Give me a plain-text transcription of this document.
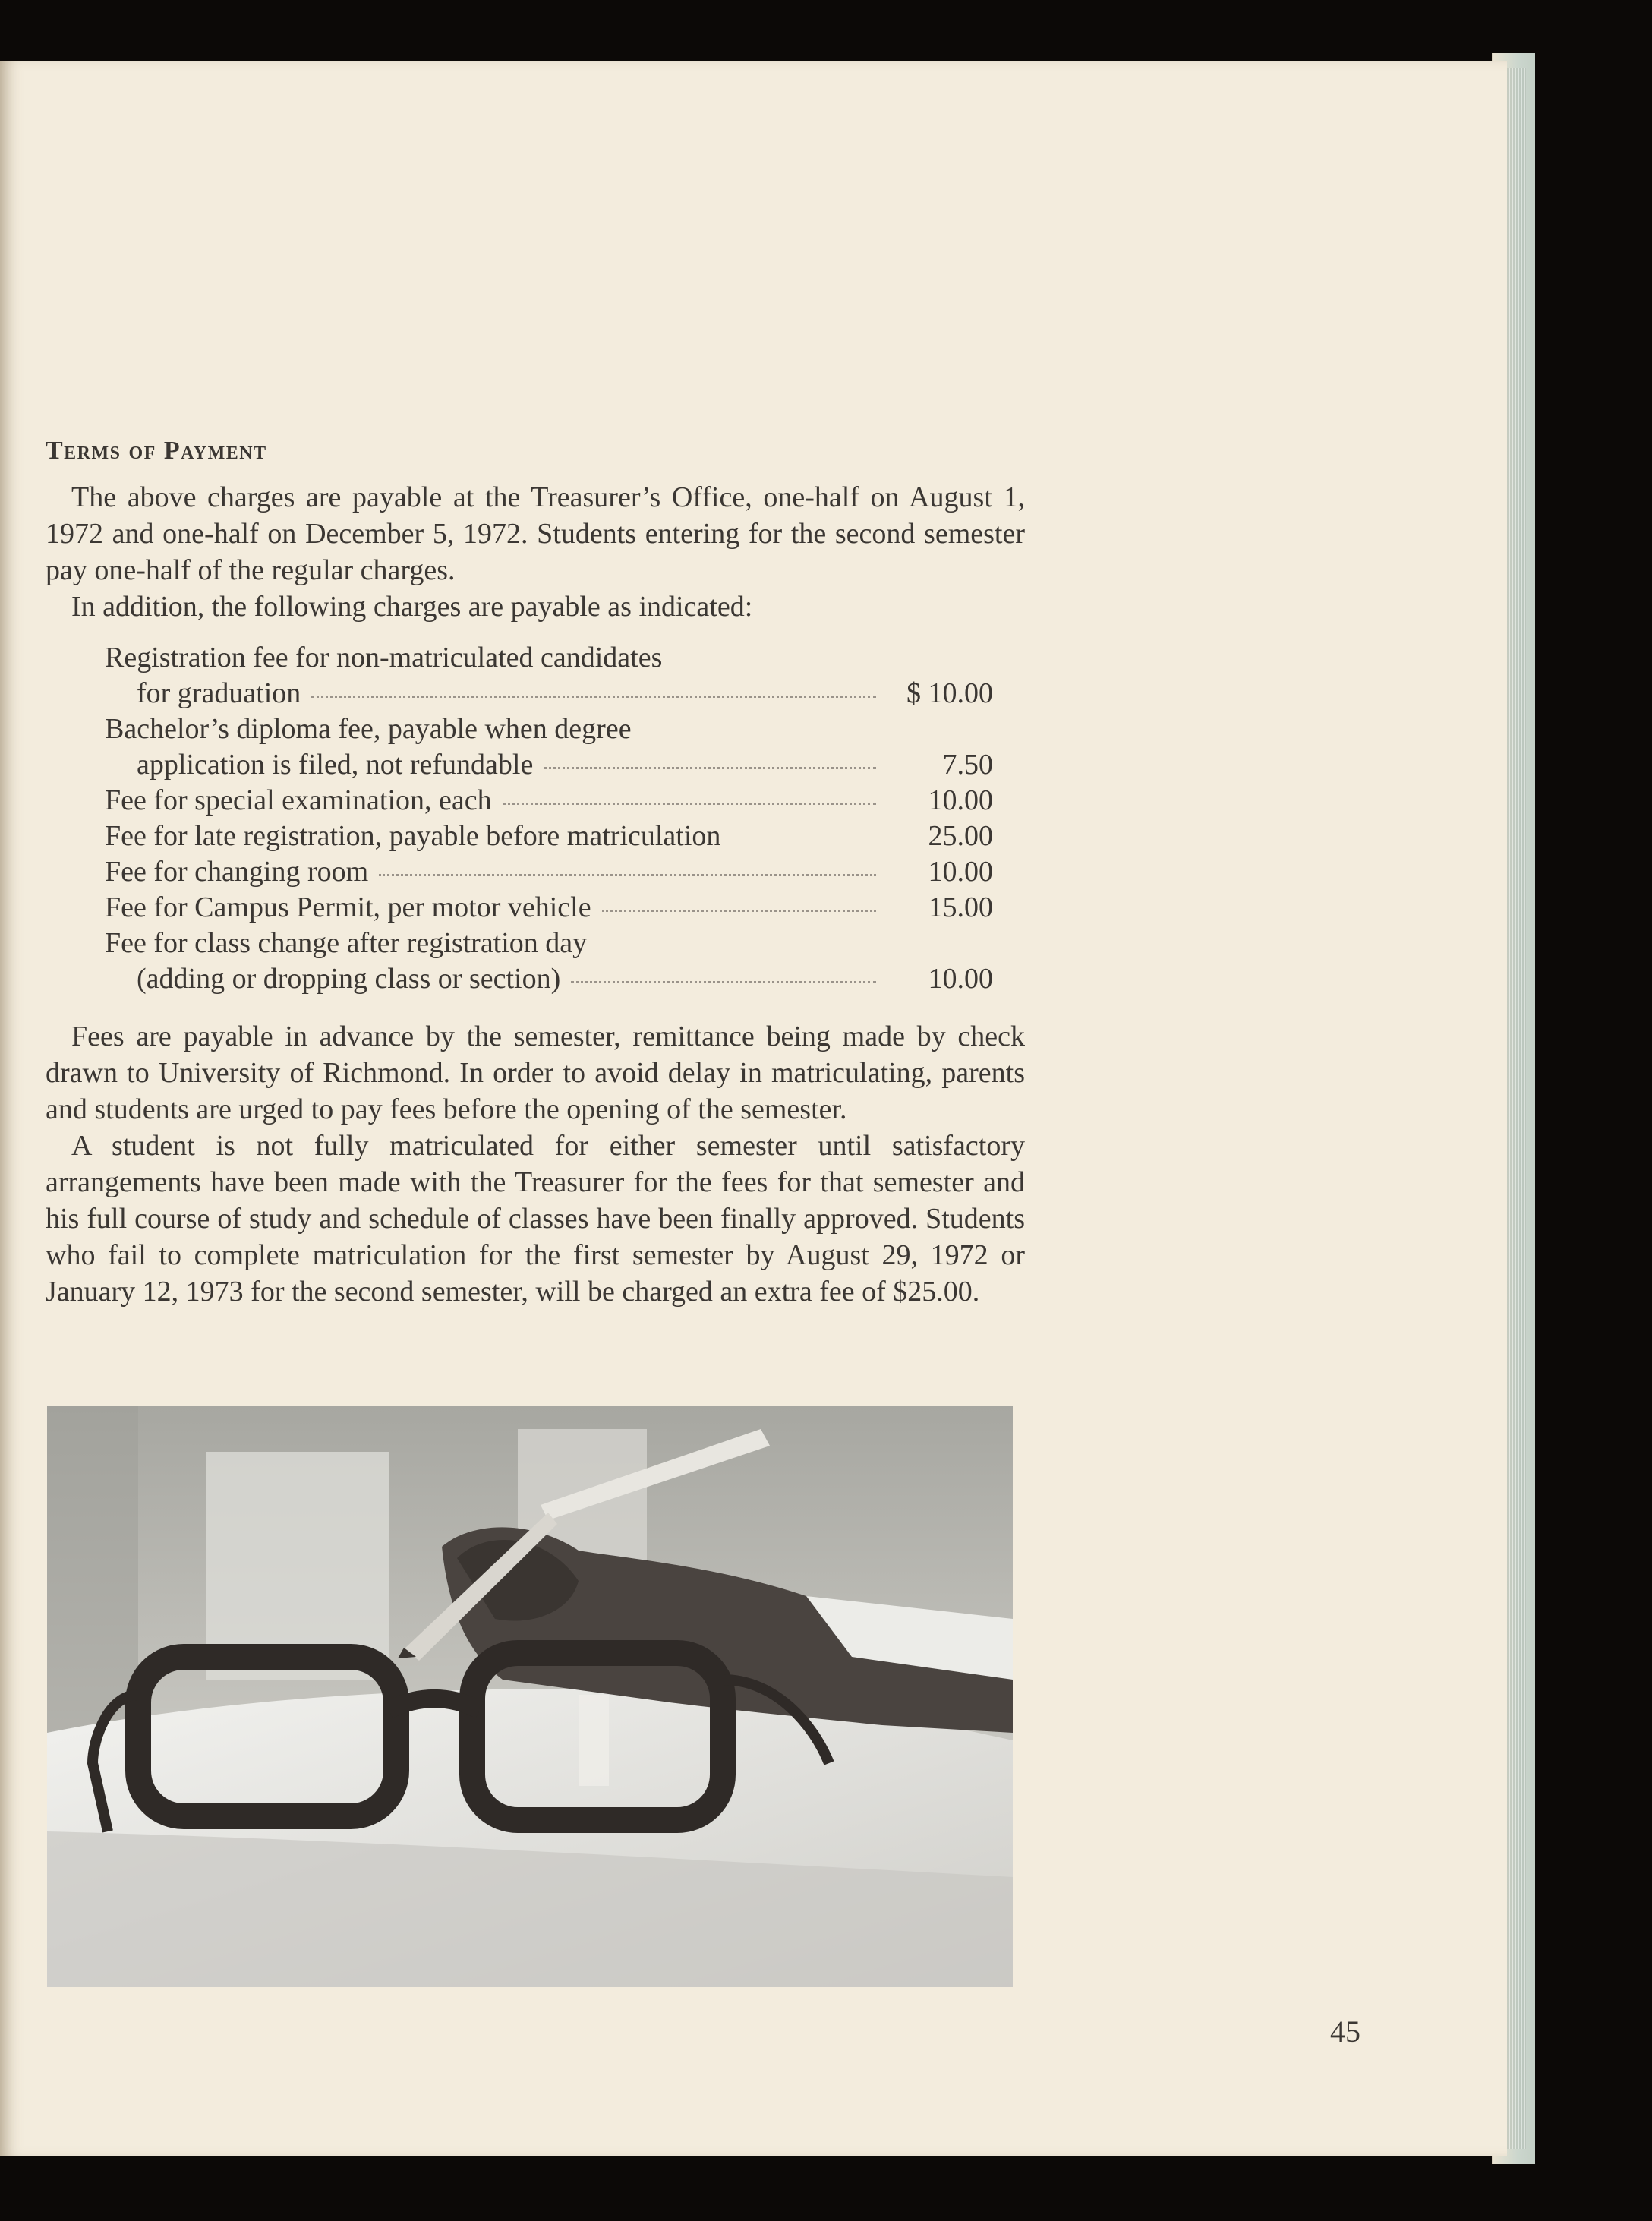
Terms of Payment

The above charges are payable at the Treasurer’s Office, one-half on August 1, 1972 and one-half on December 5, 1972. Students entering for the second semester pay one-half of the regular charges.

In addition, the following charges are payable as indicated:

Registration fee for non-matriculated candidates
for graduation	$ 10.00
Bachelor’s diploma fee, payable when degree
application is filed, not refundable	7.50
Fee for special examination, each	10.00
Fee for late registration, payable before matriculation	25.00
Fee for changing room	10.00
Fee for Campus Permit, per motor vehicle	15.00
Fee for class change after registration day
(adding or dropping class or section)	10.00

Fees are payable in advance by the semester, remittance being made by check drawn to University of Richmond. In order to avoid delay in matriculating, parents and students are urged to pay fees before the opening of the semester.

A student is not fully matriculated for either semester until satisfactory arrangements have been made with the Treasurer for the fees for that semester and his full course of study and schedule of classes have been finally approved. Students who fail to complete matriculation for the first semester by August 29, 1972 or January 12, 1973 for the second semester, will be charged an extra fee of $25.00.

45
